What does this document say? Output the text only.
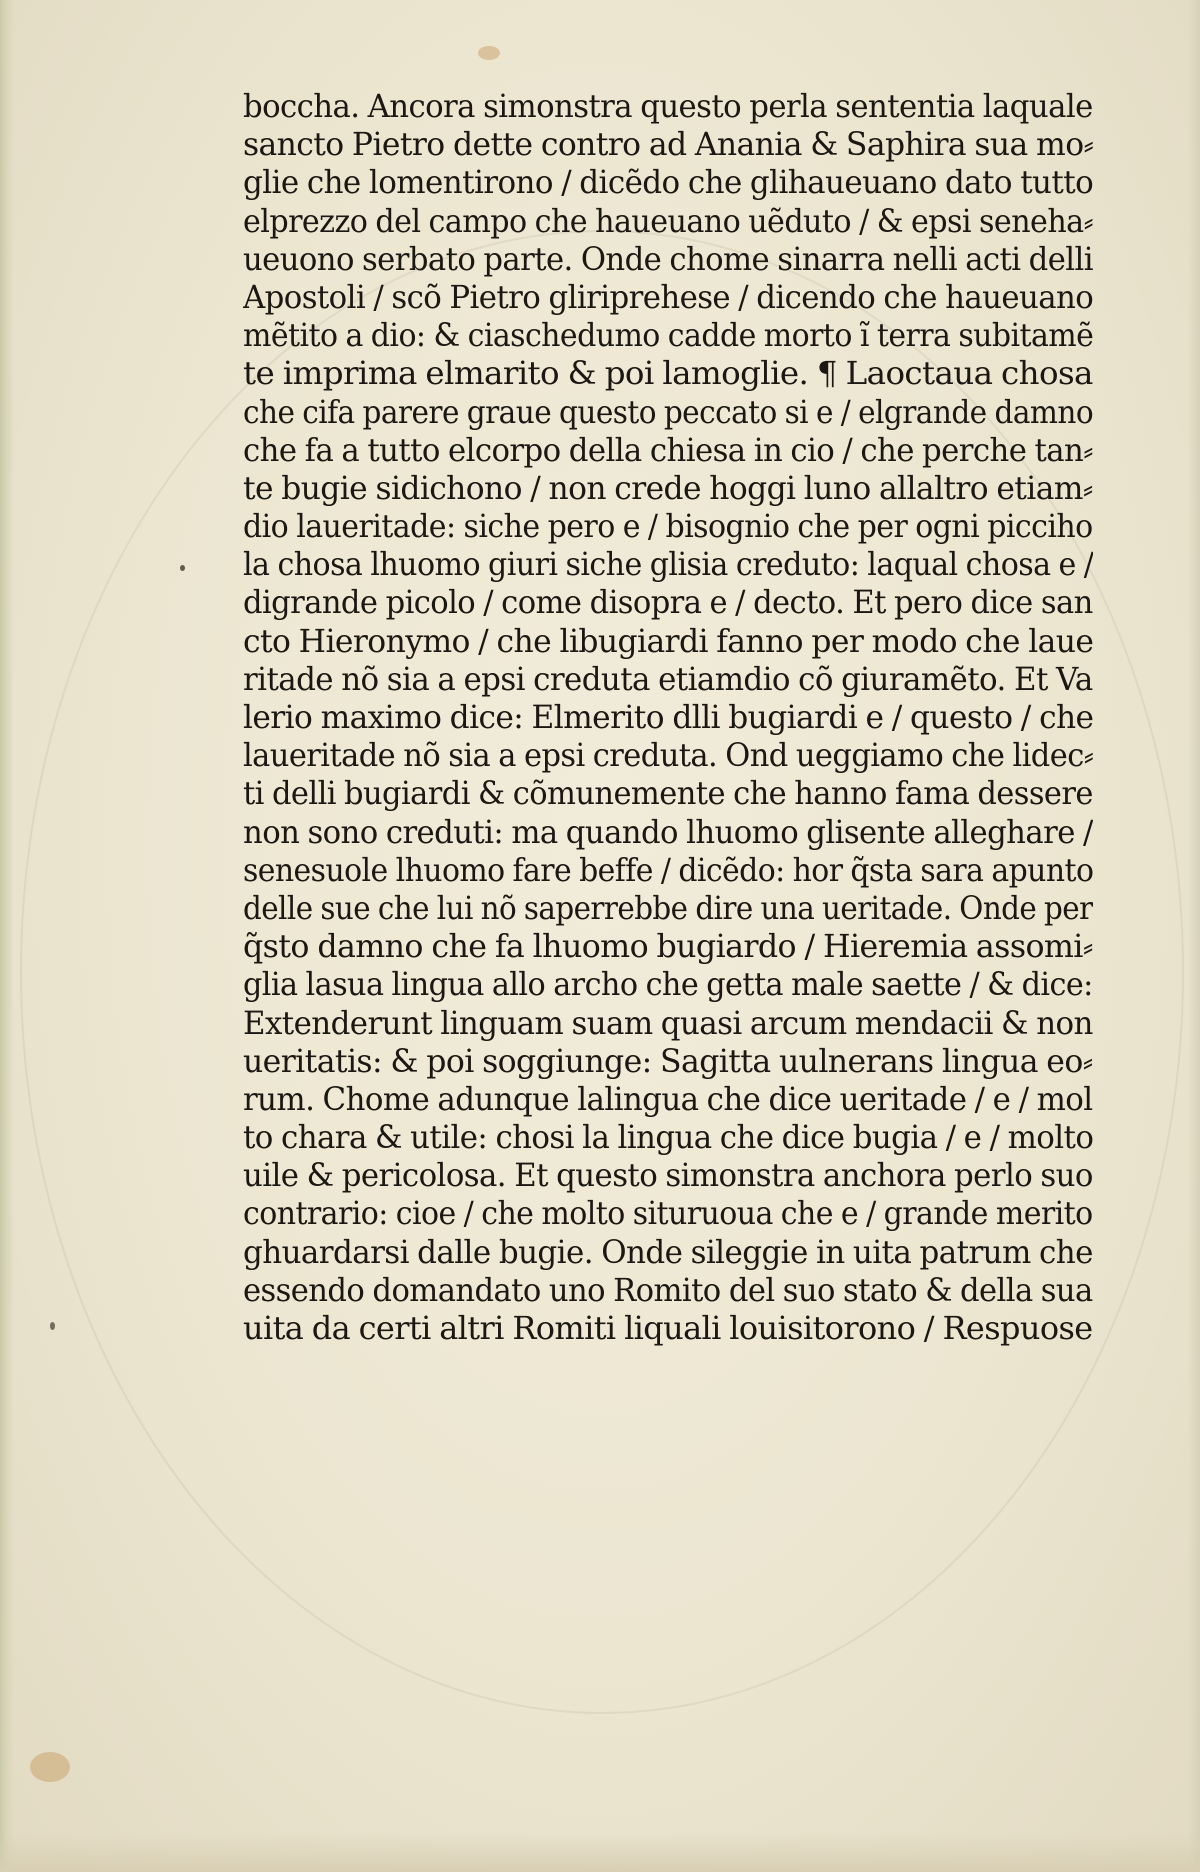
boccha. Ancora simonstra questo perla sententia laquale
sancto Pietro dette contro ad Anania & Saphira sua mo⸗
glie che lomentirono / dicẽdo che glihaueuano dato tutto
elprezzo del campo che haueuano uẽduto / & epsi seneha⸗
ueuono serbato parte. Onde chome sinarra nelli acti delli
Apostoli / scõ Pietro gliriprehese / dicendo che haueuano
mẽtito a dio: & ciaschedumo cadde morto ĩ terra subitamẽ
te imprima elmarito & poi lamoglie. ¶ Laoctaua chosa
che cifa parere graue questo peccato si e / elgrande damno
che fa a tutto elcorpo della chiesa in cio / che perche tan⸗
te bugie sidichono / non crede hoggi luno allaltro etiam⸗
dio laueritade: siche pero e / bisognio che per ogni picciho
la chosa lhuomo giuri siche glisia creduto: laqual chosa e /
digrande picolo / come disopra e / decto. Et pero dice san
cto Hieronymo / che libugiardi fanno per modo che laue
ritade nõ sia a epsi creduta etiamdio cõ giuramẽto. Et Va
lerio maximo dice: Elmerito dlli bugiardi e / questo / che
laueritade nõ sia a epsi creduta. Ond ueggiamo che lidec⸗
ti delli bugiardi & cõmunemente che hanno fama dessere
non sono creduti: ma quando lhuomo glisente alleghare /
senesuole lhuomo fare beffe / dicẽdo: hor q̃sta sara apunto
delle sue che lui nõ saperrebbe dire una ueritade. Onde per
q̃sto damno che fa lhuomo bugiardo / Hieremia assomi⸗
glia lasua lingua allo archo che getta male saette / & dice:
Extenderunt linguam suam quasi arcum mendacii & non
ueritatis: & poi soggiunge: Sagitta uulnerans lingua eo⸗
rum. Chome adunque lalingua che dice ueritade / e / mol
to chara & utile: chosi la lingua che dice bugia / e / molto
uile & pericolosa. Et questo simonstra anchora perlo suo
contrario: cioe / che molto situruoua che e / grande merito
ghuardarsi dalle bugie. Onde sileggie in uita patrum che
essendo domandato uno Romito del suo stato & della sua
uita da certi altri Romiti liquali louisitorono / Respuose
